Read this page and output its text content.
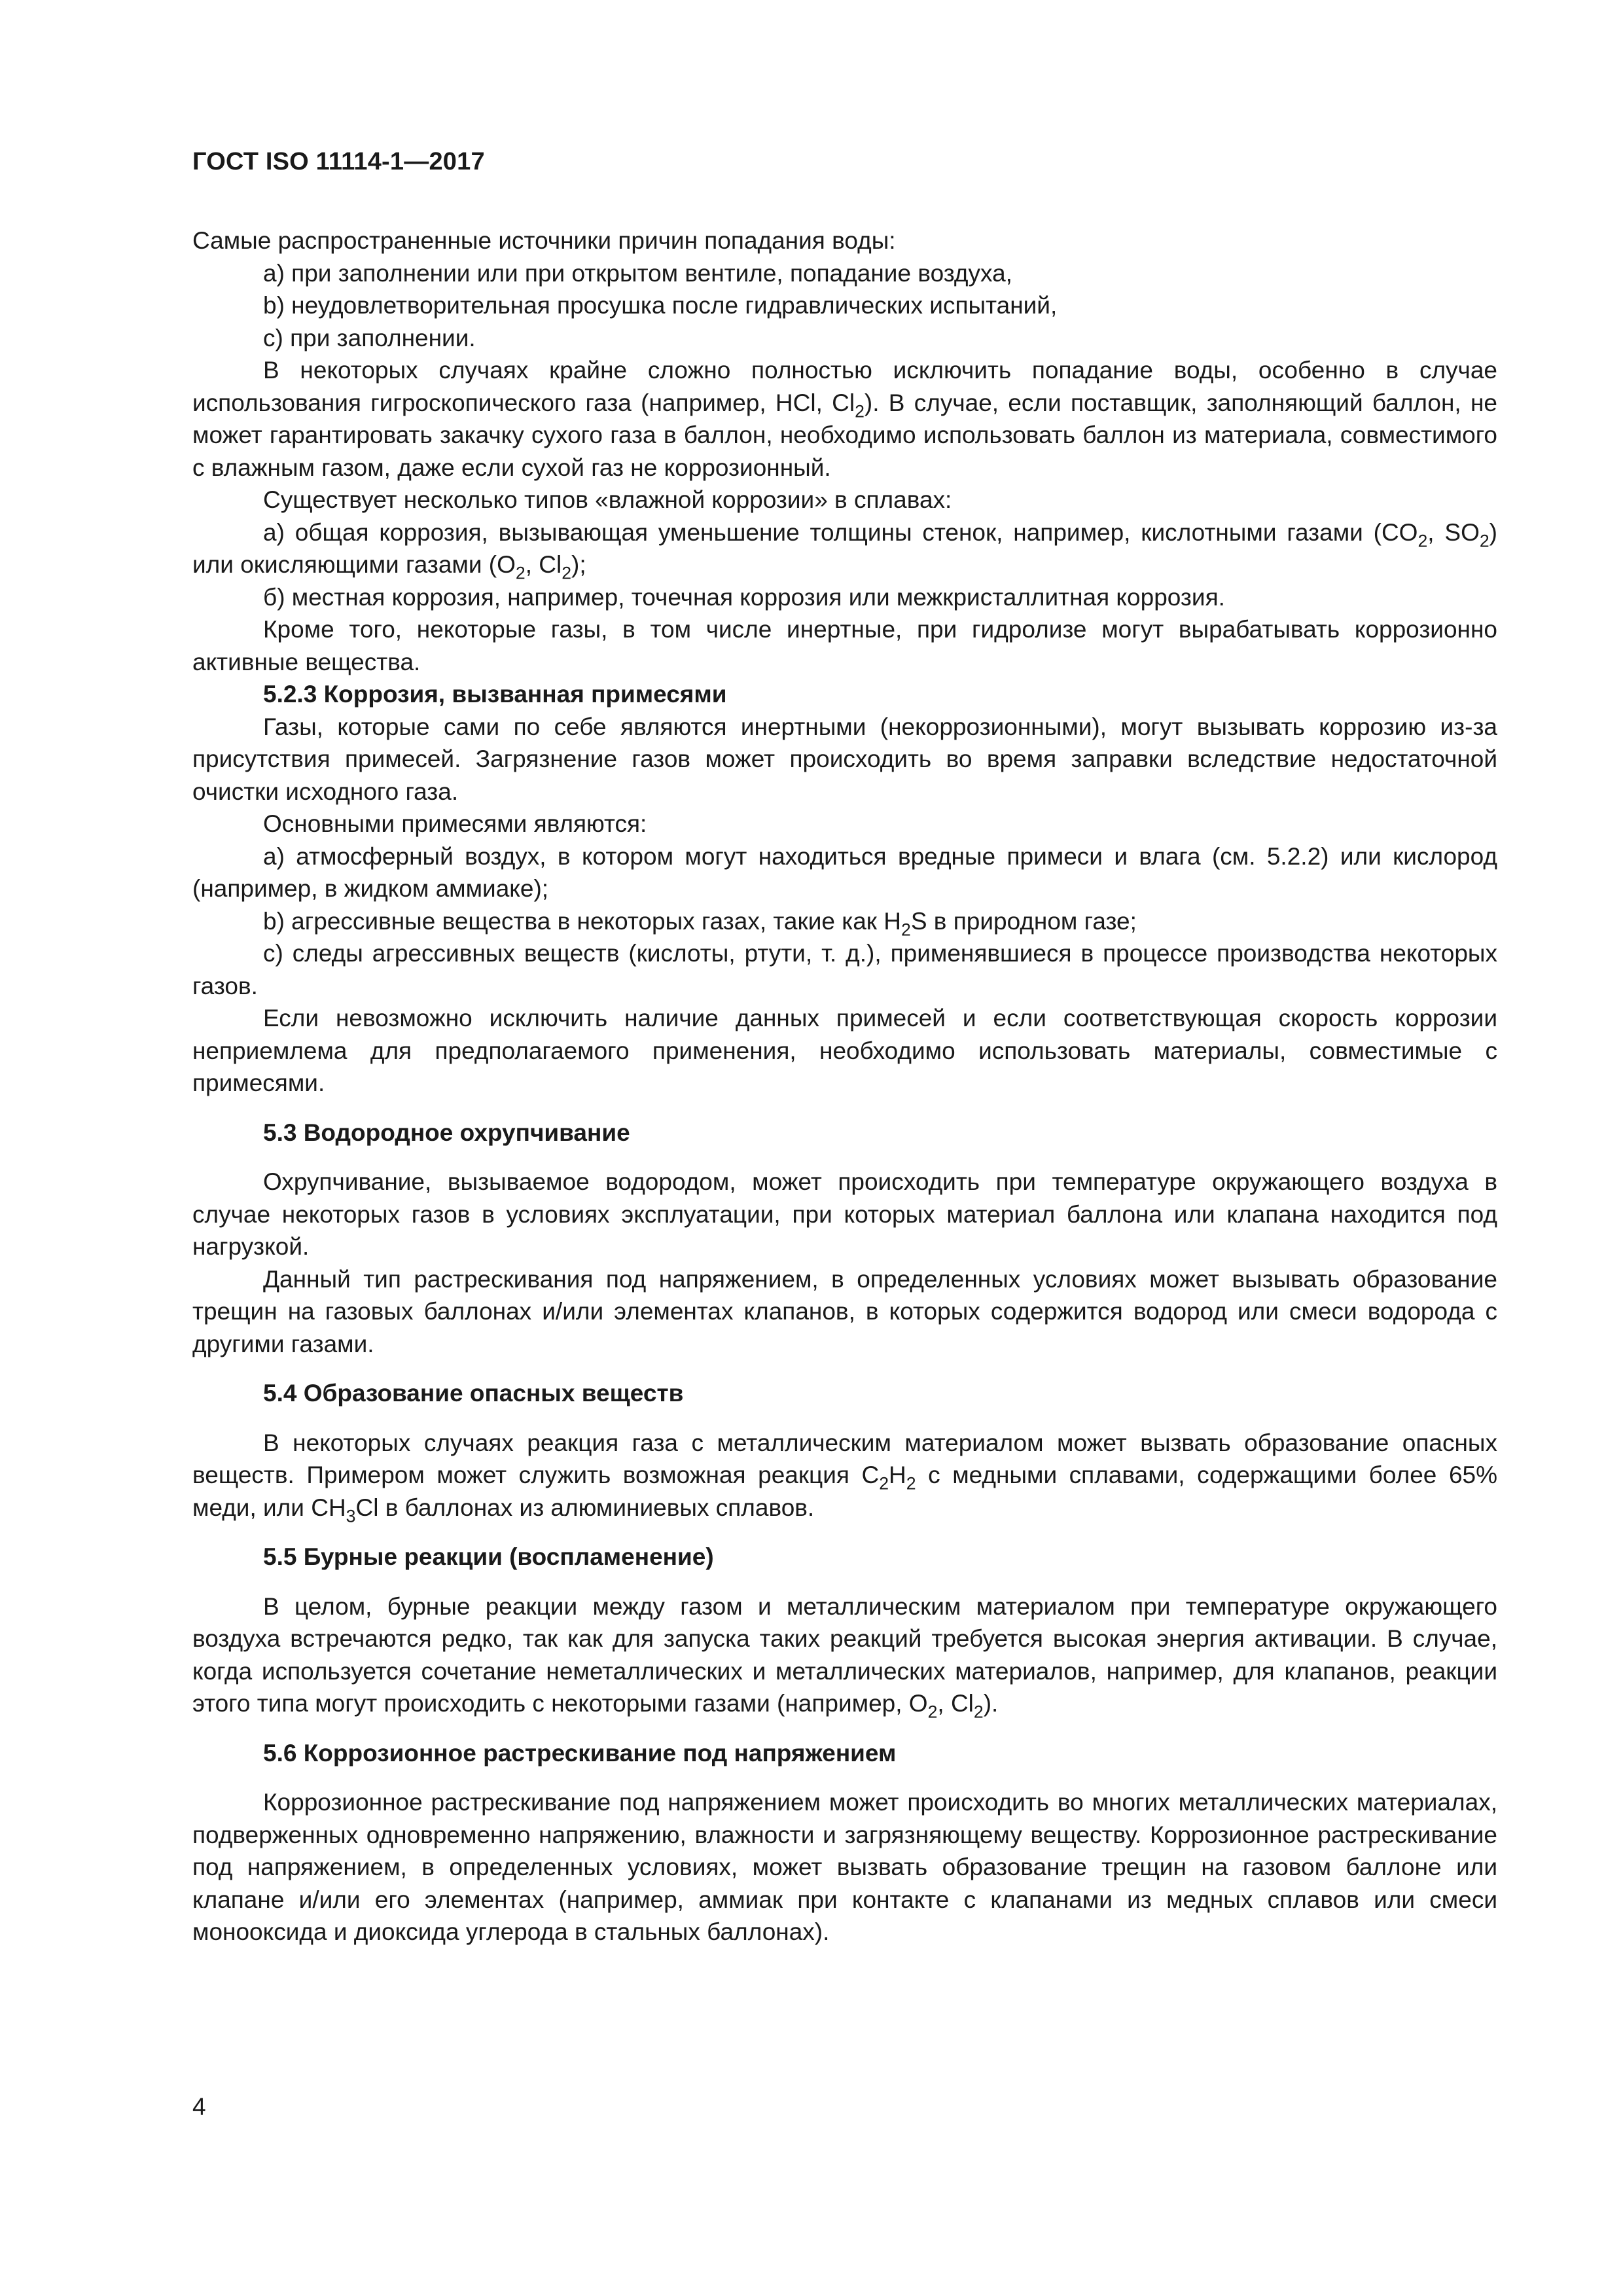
ГОСТ ISO 11114-1—2017

Самые распространенные источники причин попадания воды:

a) при заполнении или при открытом вентиле, попадание воздуха,

b) неудовлетворительная просушка после гидравлических испытаний,

с) при заполнении.

В некоторых случаях крайне сложно полностью исключить попадание воды, особенно в случае использования гигроскопического газа (например, HCl, $Cl_2$). В случае, если поставщик, заполняющий баллон, не может гарантировать закачку сухого газа в баллон, необходимо использовать баллон из материала, совместимого с влажным газом, даже если сухой газ не коррозионный.

Существует несколько типов «влажной коррозии» в сплавах:

а) общая коррозия, вызывающая уменьшение толщины стенок, например, кислотными газами ($CO_2$, $SO_2$) или окисляющими газами ($O_2$, $Cl_2$);

б) местная коррозия, например, точечная коррозия или межкристаллитная коррозия.

Кроме того, некоторые газы, в том числе инертные, при гидролизе могут вырабатывать коррозионно активные вещества.

5.2.3 Коррозия, вызванная примесями

Газы, которые сами по себе являются инертными (некоррозионными), могут вызывать коррозию из-за присутствия примесей. Загрязнение газов может происходить во время заправки вследствие недостаточной очистки исходного газа.

Основными примесями являются:

а) атмосферный воздух, в котором могут находиться вредные примеси и влага (см. 5.2.2) или кислород (например, в жидком аммиаке);

b) агрессивные вещества в некоторых газах, такие как $H_2S$ в природном газе;

с) следы агрессивных веществ (кислоты, ртути, т. д.), применявшиеся в процессе производства некоторых газов.

Если невозможно исключить наличие данных примесей и если соответствующая скорость коррозии неприемлема для предполагаемого применения, необходимо использовать материалы, совместимые с примесями.

5.3 Водородное охрупчивание

Охрупчивание, вызываемое водородом, может происходить при температуре окружающего воздуха в случае некоторых газов в условиях эксплуатации, при которых материал баллона или клапана находится под нагрузкой.

Данный тип растрескивания под напряжением, в определенных условиях может вызывать образование трещин на газовых баллонах и/или элементах клапанов, в которых содержится водород или смеси водорода с другими газами.

5.4 Образование опасных веществ

В некоторых случаях реакция газа с металлическим материалом может вызвать образование опасных веществ. Примером может служить возможная реакция $C_2H_2$ с медными сплавами, содержащими более 65% меди, или $CH_3Cl$ в баллонах из алюминиевых сплавов.

5.5 Бурные реакции (воспламенение)

В целом, бурные реакции между газом и металлическим материалом при температуре окружающего воздуха встречаются редко, так как для запуска таких реакций требуется высокая энергия активации. В случае, когда используется сочетание неметаллических и металлических материалов, например, для клапанов, реакции этого типа могут происходить с некоторыми газами (например, $O_2$, $Cl_2$).

5.6 Коррозионное растрескивание под напряжением

Коррозионное растрескивание под напряжением может происходить во многих металлических материалах, подверженных одновременно напряжению, влажности и загрязняющему веществу. Коррозионное растрескивание под напряжением, в определенных условиях, может вызвать образование трещин на газовом баллоне или клапане и/или его элементах (например, аммиак при контакте с клапанами из медных сплавов или смеси монооксида и диоксида углерода в стальных баллонах).

4
